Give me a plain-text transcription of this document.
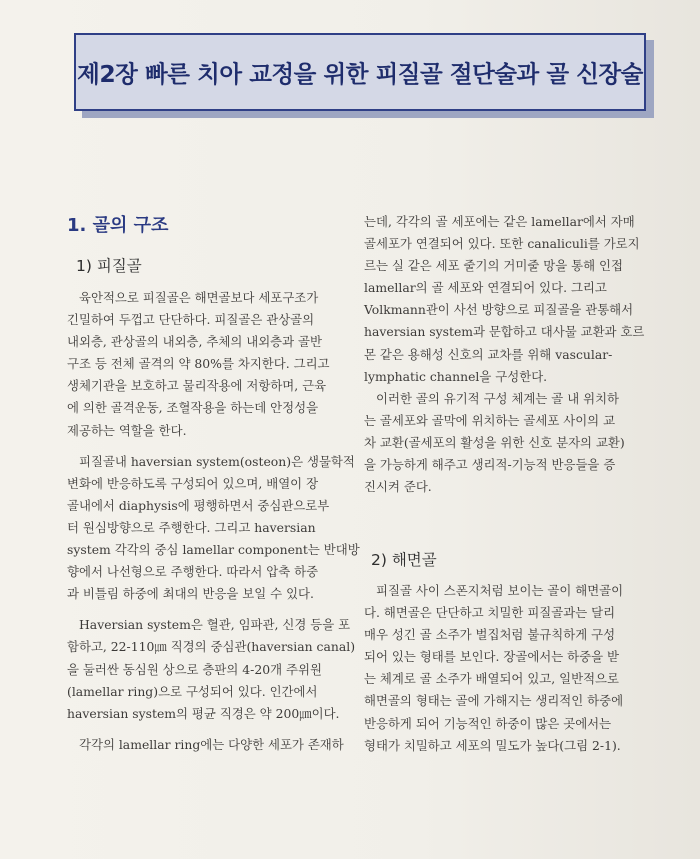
제2장 빠른 치아 교정을 위한 피질골 절단술과 골 신장술
1. 골의 구조
1) 피질골
2) 해면골
육안적으로 피질골은 해면골보다 세포구조가
긴밀하여 두껍고 단단하다. 피질골은 관상골의
내외층, 관상골의 내외층, 추체의 내외층과 골반
구조 등 전체 골격의 약 80%를 차지한다. 그리고
생체기관을 보호하고 물리작용에 저항하며, 근육
에 의한 골격운동, 조혈작용을 하는데 안정성을
제공하는 역할을 한다.
피질골내 haversian system(osteon)은 생물학적
변화에 반응하도록 구성되어 있으며, 배열이 장
골내에서 diaphysis에 평행하면서 중심관으로부
터 원심방향으로 주행한다. 그리고 haversian
system 각각의 중심 lamellar component는 반대방
향에서 나선형으로 주행한다. 따라서 압축 하중
과 비틀림 하중에 최대의 반응을 보일 수 있다.
Haversian system은 혈관, 임파관, 신경 등을 포
함하고, 22-110㎛ 직경의 중심관(haversian canal)
을 둘러싼 동심원 상으로 층판의 4-20개 주위원
(lamellar ring)으로 구성되어 있다. 인간에서
haversian system의 평균 직경은 약 200㎛이다.
각각의 lamellar ring에는 다양한 세포가 존재하
는데, 각각의 골 세포에는 같은 lamellar에서 자매
골세포가 연결되어 있다. 또한 canaliculi를 가로지
르는 실 같은 세포 줄기의 거미줄 망을 통해 인접
lamellar의 골 세포와 연결되어 있다. 그리고
Volkmann관이 사선 방향으로 피질골을 관통해서
haversian system과 문합하고 대사물 교환과 호르
몬 같은 용해성 신호의 교차를 위해 vascular-
lymphatic channel을 구성한다.
이러한 골의 유기적 구성 체계는 골 내 위치하
는 골세포와 골막에 위치하는 골세포 사이의 교
차 교환(골세포의 활성을 위한 신호 분자의 교환)
을 가능하게 해주고 생리적-기능적 반응들을 증
진시켜 준다.
피질골 사이 스폰지처럼 보이는 골이 해면골이
다. 해면골은 단단하고 치밀한 피질골과는 달리
매우 성긴 골 소주가 벌집처럼 불규칙하게 구성
되어 있는 형태를 보인다. 장골에서는 하중을 받
는 체계로 골 소주가 배열되어 있고, 일반적으로
해면골의 형태는 골에 가해지는 생리적인 하중에
반응하게 되어 기능적인 하중이 많은 곳에서는
형태가 치밀하고 세포의 밀도가 높다(그림 2-1).
